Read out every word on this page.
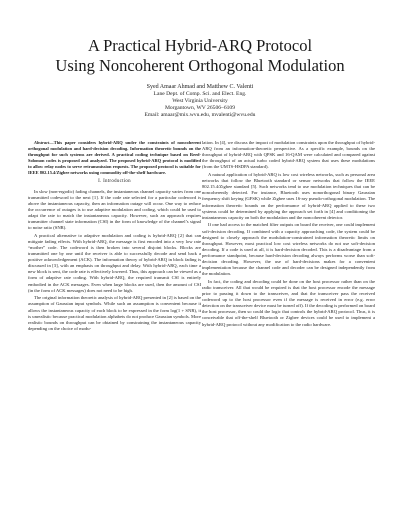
A Practical Hybrid-ARQ Protocol
Using Noncoherent Orthogonal Modulation
Syed Amaar Ahmad and Matthew C. Valenti
Lane Dept. of Comp. Sci. and Elect. Eng.
West Virginia University
Morgantown, WV 26506–6109
Email: amaar@mix.wvu.edu, mvalenti@wvu.edu

Abstract—This paper considers hybrid-ARQ under the constraints of noncoherent orthogonal modulation and hard-decision decoding. Information theoretic bounds on the throughput for such systems are derived. A practical coding technique based on Reed-Solomon codes is proposed and analyzed. The proposed hybrid-ARQ protocol is modified to allow relay nodes to serve retransmission requests. The proposed protocol is suitable for IEEE 802.15.4/Zigbee networks using commodity off-the-shelf hardware.

I. Introduction

In slow (non-ergodic) fading channels, the instantaneous channel capacity varies from one transmitted codeword to the next [1]. If the code rate selected for a particular codeword is above the instantaneous capacity, then an information outage will occur. One way to reduce the occurrence of outages is to use adaptive modulation and coding, which could be used to adapt the rate to match the instantaneous capacity. However, such an approach requires transmitter channel state information (CSI) in the form of knowledge of the channel’s signal to noise ratio (SNR).

A practical alternative to adaptive modulation and coding is hybrid-ARQ [2] that can mitigate fading effects. With hybrid-ARQ, the message is first encoded into a very low rate “mother” code. The codeword is then broken into several disjoint blocks. Blocks are transmitted one by one until the receiver is able to successfully decode and send back a positive acknowledgement (ACK). The information theory of hybrid-ARQ in block fading is discussed in [3], with an emphasis on throughput and delay. With hybrid-ARQ, each time a new block is sent, the code rate is effectively lowered. Thus, this approach can be viewed as a form of adaptive rate coding. With hybrid-ARQ, the required transmit CSI is entirely embodied in the ACK messages. Even when large blocks are used, then the amount of CSI (in the form of ACK messages) does not need to be high.

The original information theoretic analysis of hybrid-ARQ presented in [2] is based on the assumption of Gaussian input symbols. While such an assumption is convenient because it allows the instantaneous capacity of each block to be expressed in the form log(1 + SNR), it is unrealistic because practical modulation alphabets do not produce Gaussian symbols. More realistic bounds on throughput can be obtained by constraining the instantaneous capacity depending on the choice of modu-

lation. In [4], we discuss the impact of modulation constraints upon the throughput of hybrid-ARQ from an information-theoretic perspective. As a specific example, bounds on the throughput of hybrid-ARQ with QPSK and 16-QAM were calculated and compared against the throughput of an actual turbo coded hybrid-ARQ system that uses these modulations (from the UMTS-HSDPA standard).

A natural application of hybrid-ARQ is low cost wireless networks, such as personal area networks that follow the Bluetooth standard or sensor networks that follow the IEEE 802.15.4/Zigbee standard [5]. Such networks tend to use modulation techniques that can be noncoherently detected. For instance, Bluetooth uses nonorthogonal binary Gaussian frequency shift keying (GFSK) while Zigbee uses 16-ary pseudo-orthogonal modulation. The information theoretic bounds on the performance of hybrid-ARQ applied to these two systems could be determined by applying the approach set forth in [4] and conditioning the instantaneous capacity on both the modulation and the noncoherent detector.

If one had access to the matched filter outputs on board the receiver, one could implement soft-decision decoding. If combined with a capacity approaching code, the system could be designed to closely approach the modulation-constrained information theoretic limits on throughput. However, most practical low cost wireless networks do not use soft-decision decoding. If a code is used at all, it is hard-decision decoded. This is a disadvantage from a performance standpoint, because hard-decision decoding always performs worse than soft-decision decoding. However, the use of hard-decisions makes for a convenient implementation because the channel code and decoder can be designed independently from the modulation.

In fact, the coding and decoding could be done on the host processor rather than on the radio transceiver. All that would be required is that the host processor encode the message prior to passing it down to the transceiver, and that the transceiver pass the received codeword up to the host processor even if the message is received in error (e.g. error detection on the transceiver device must be turned off). If the decoding is performed on board the host processor, then so could the logic that controls the hybrid-ARQ protocol. Thus, it is conceivable that off-the-shelf Bluetooth or Zigbee devices could be used to implement a hybrid-ARQ protocol without any modification to the radio hardware.
